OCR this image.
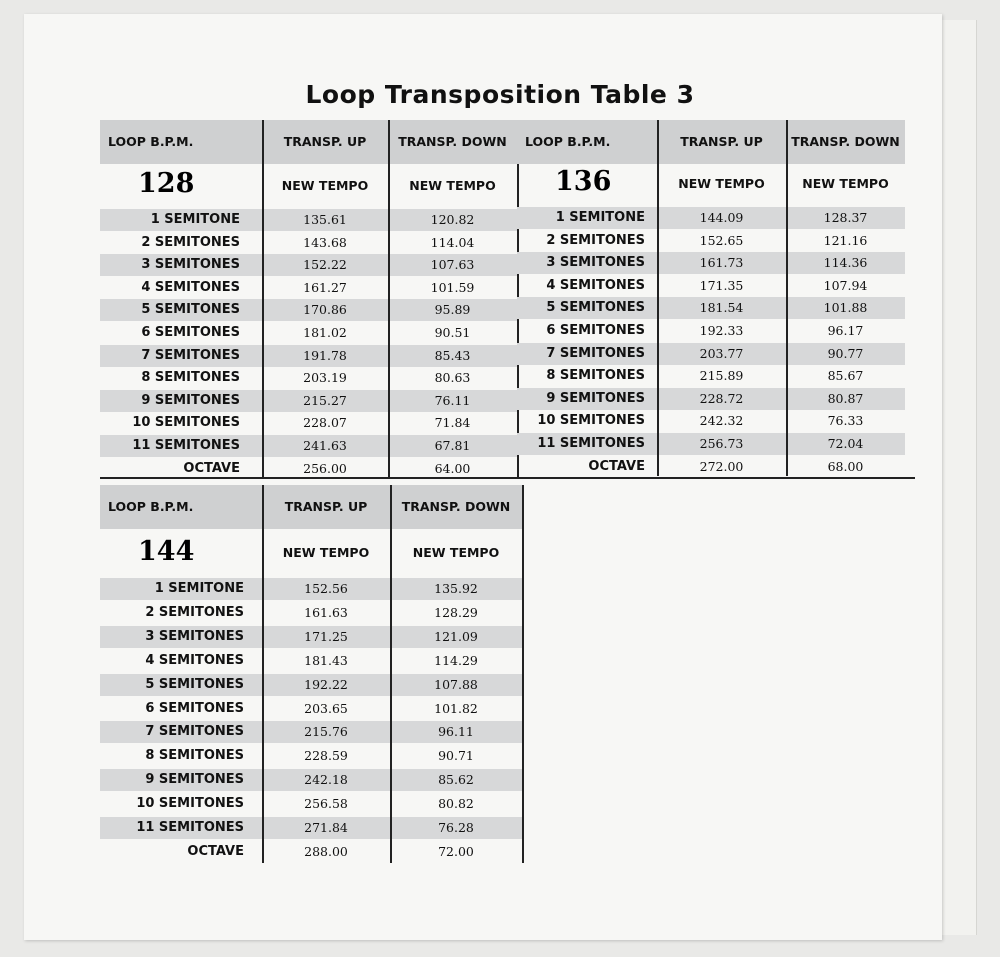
Loop Transposition Table 3
LOOP B.P.M.	TRANSP. UP	TRANSP. DOWN
128	NEW TEMPO	NEW TEMPO
1 SEMITONE	135.61	120.82
2 SEMITONES	143.68	114.04
3 SEMITONES	152.22	107.63
4 SEMITONES	161.27	101.59
5 SEMITONES	170.86	95.89
6 SEMITONES	181.02	90.51
7 SEMITONES	191.78	85.43
8 SEMITONES	203.19	80.63
9 SEMITONES	215.27	76.11
10 SEMITONES	228.07	71.84
11 SEMITONES	241.63	67.81
OCTAVE	256.00	64.00
LOOP B.P.M.	TRANSP. UP	TRANSP. DOWN
136	NEW TEMPO	NEW TEMPO
1 SEMITONE	144.09	128.37
2 SEMITONES	152.65	121.16
3 SEMITONES	161.73	114.36
4 SEMITONES	171.35	107.94
5 SEMITONES	181.54	101.88
6 SEMITONES	192.33	96.17
7 SEMITONES	203.77	90.77
8 SEMITONES	215.89	85.67
9 SEMITONES	228.72	80.87
10 SEMITONES	242.32	76.33
11 SEMITONES	256.73	72.04
OCTAVE	272.00	68.00
LOOP B.P.M.	TRANSP. UP	TRANSP. DOWN
144	NEW TEMPO	NEW TEMPO
1 SEMITONE	152.56	135.92
2 SEMITONES	161.63	128.29
3 SEMITONES	171.25	121.09
4 SEMITONES	181.43	114.29
5 SEMITONES	192.22	107.88
6 SEMITONES	203.65	101.82
7 SEMITONES	215.76	96.11
8 SEMITONES	228.59	90.71
9 SEMITONES	242.18	85.62
10 SEMITONES	256.58	80.82
11 SEMITONES	271.84	76.28
OCTAVE	288.00	72.00
